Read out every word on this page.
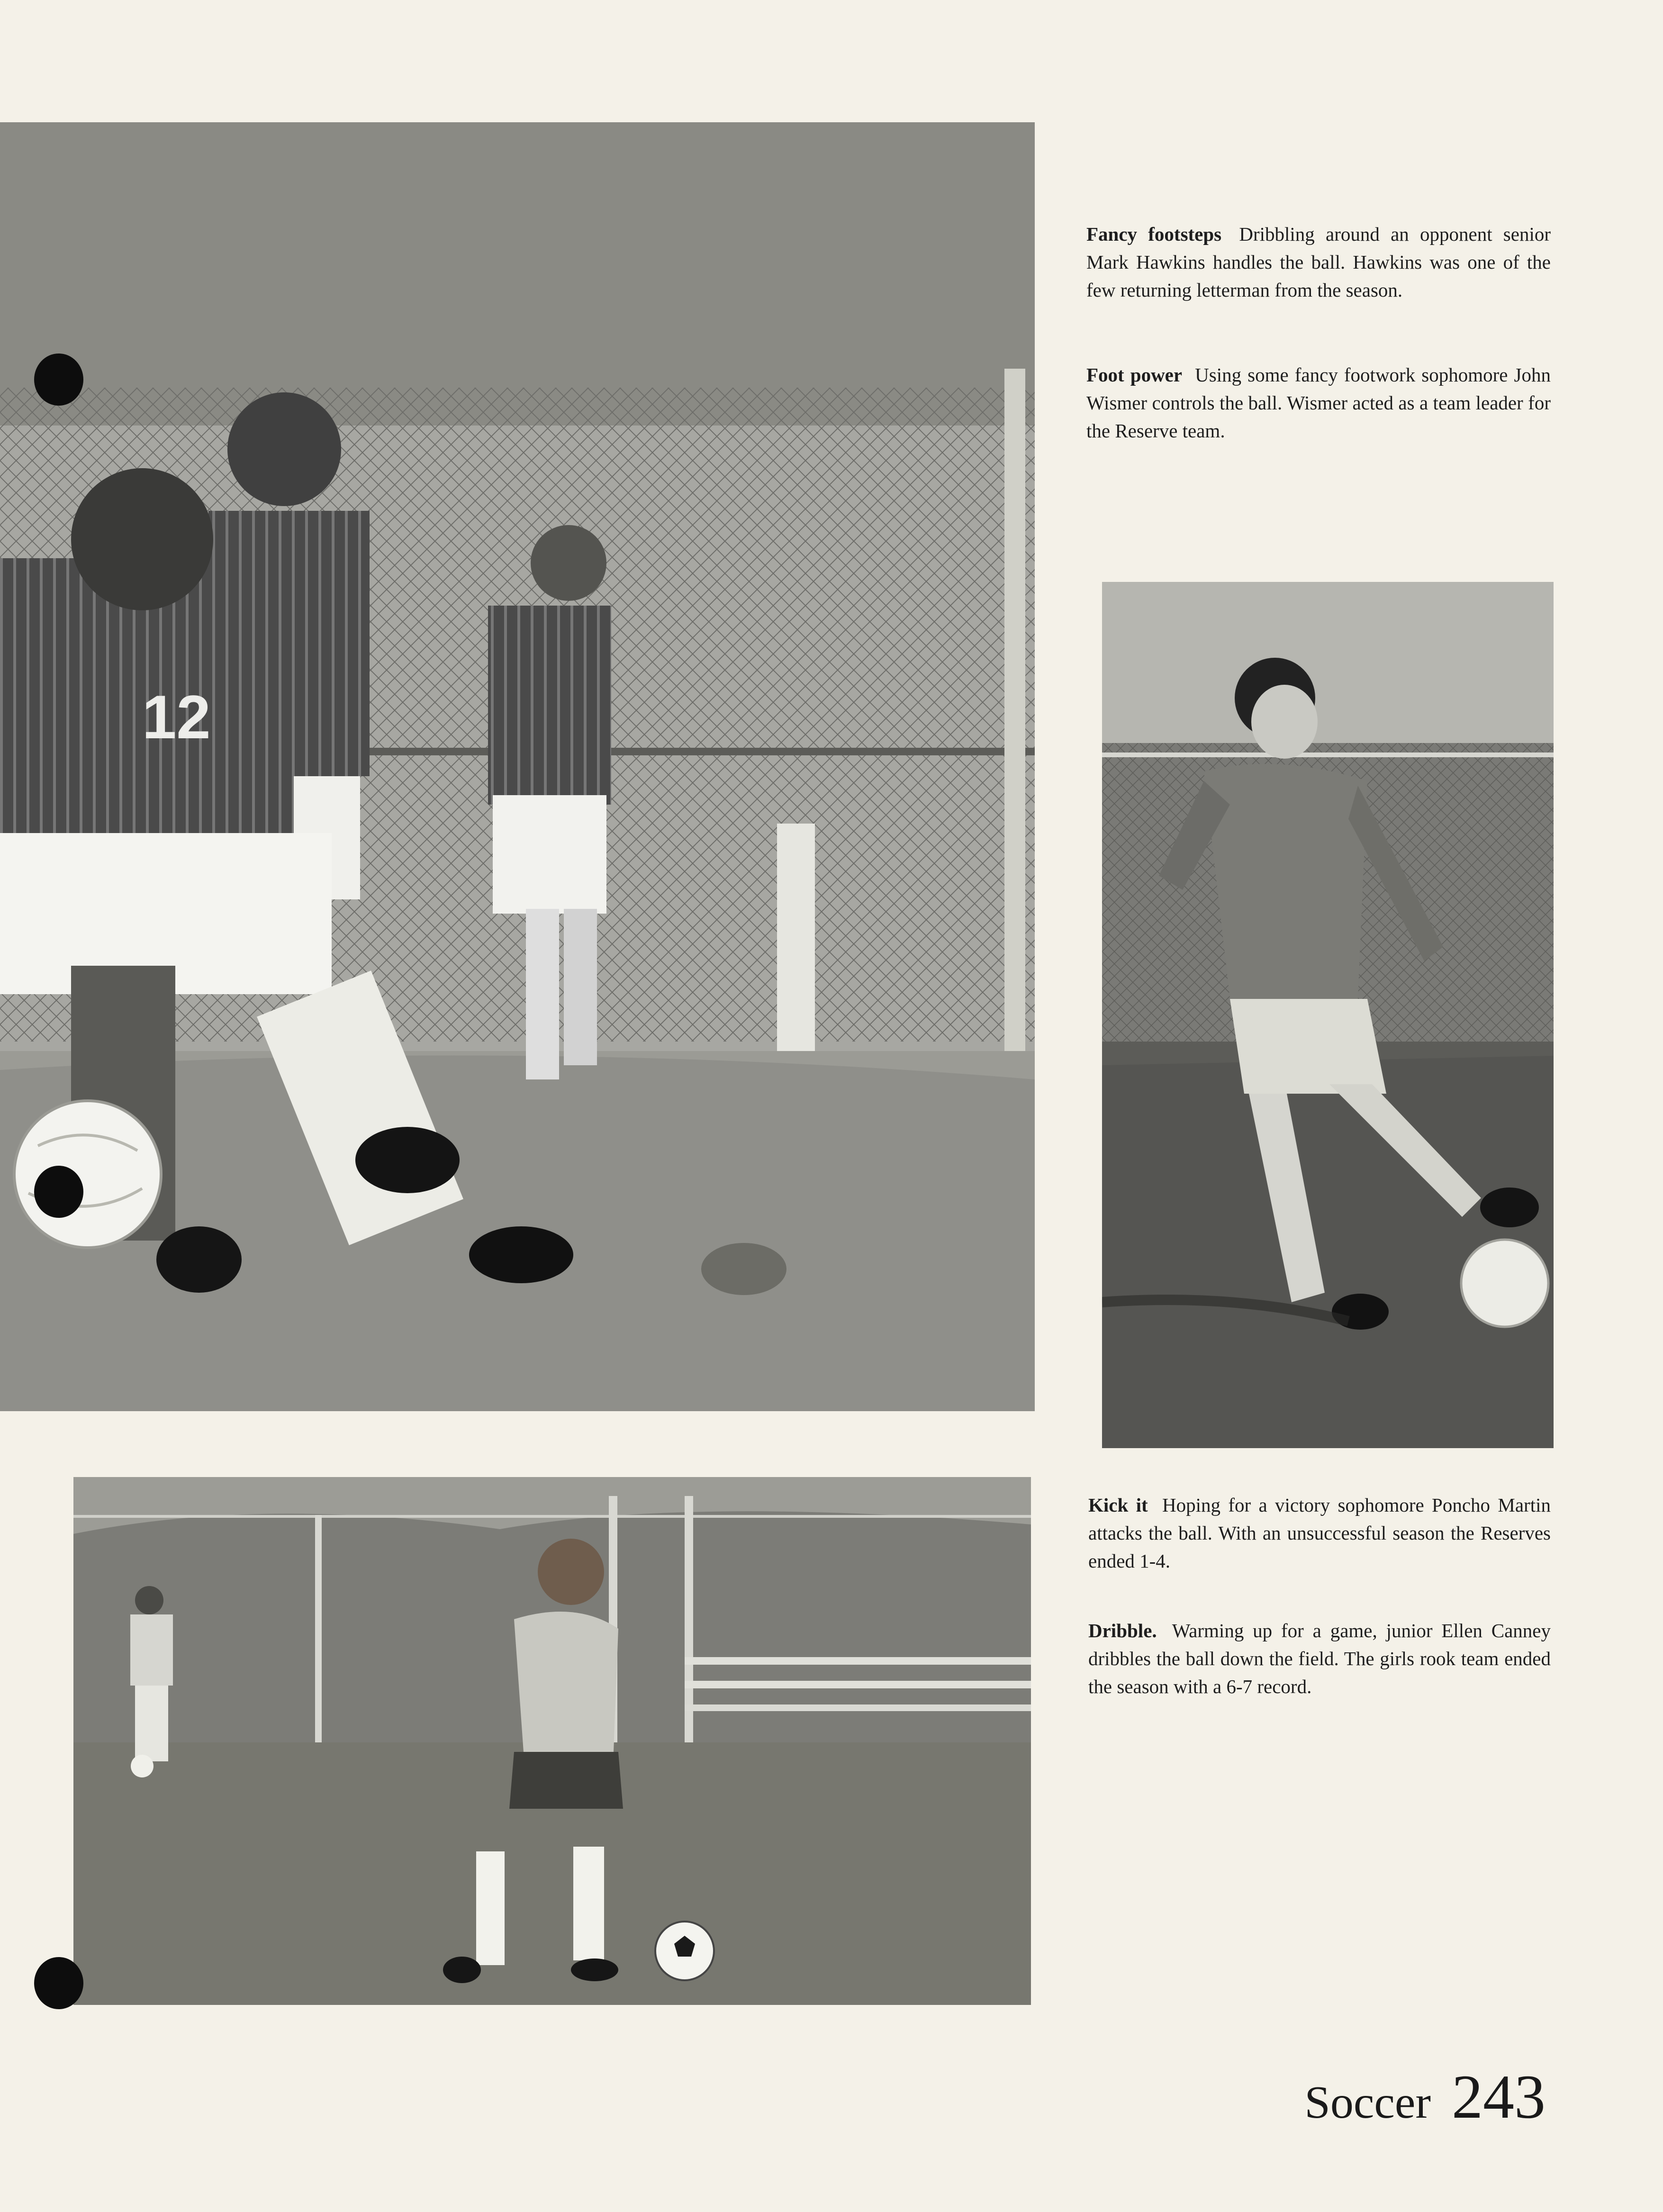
12
Fancy footsteps Dribbling around an opponent senior Mark Hawkins handles the ball. Hawkins was one of the few returning letterman from the season.
Foot power Using some fancy footwork sophomore John Wismer controls the ball. Wismer acted as a team leader for the Reserve team.
Kick it Hoping for a victory sophomore Poncho Martin attacks the ball. With an unsuccessful season the Reserves ended 1-4.
Dribble. Warming up for a game, junior Ellen Canney dribbles the ball down the field. The girls rook team ended the season with a 6-7 record.
Soccer 243
